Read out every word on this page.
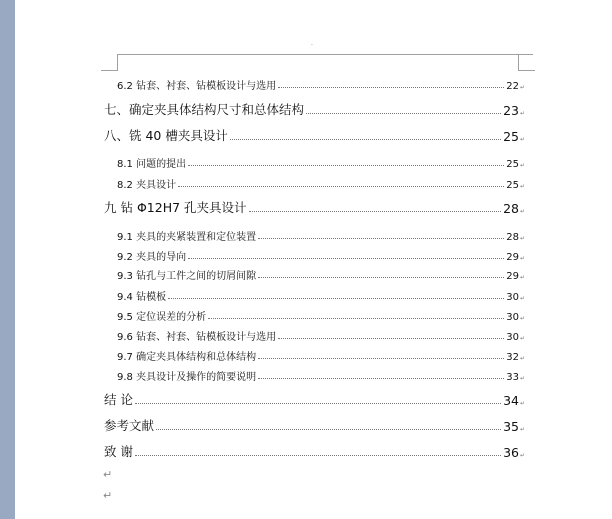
·
6.2 钻套、衬套、钻模板设计与选用	22 ↵
七、确定夹具体结构尺寸和总体结构	23 ↵
八、铣 40 槽夹具设计	25 ↵
8.1 问题的提出	25 ↵
8.2 夹具设计	25 ↵
九 钻 Φ12H7 孔夹具设计	28 ↵
9.1 夹具的夹紧装置和定位装置	28 ↵
9.2 夹具的导向	29 ↵
9.3 钻孔与工件之间的切屑间隙	29 ↵
9.4 钻模板	30 ↵
9.5 定位误差的分析	30 ↵
9.6 钻套、衬套、钻模板设计与选用	30 ↵
9.7 确定夹具体结构和总体结构	32 ↵
9.8 夹具设计及操作的简要说明	33 ↵
结 论	34 ↵
参考文献	35 ↵
致 谢	36 ↵
↵
↵
